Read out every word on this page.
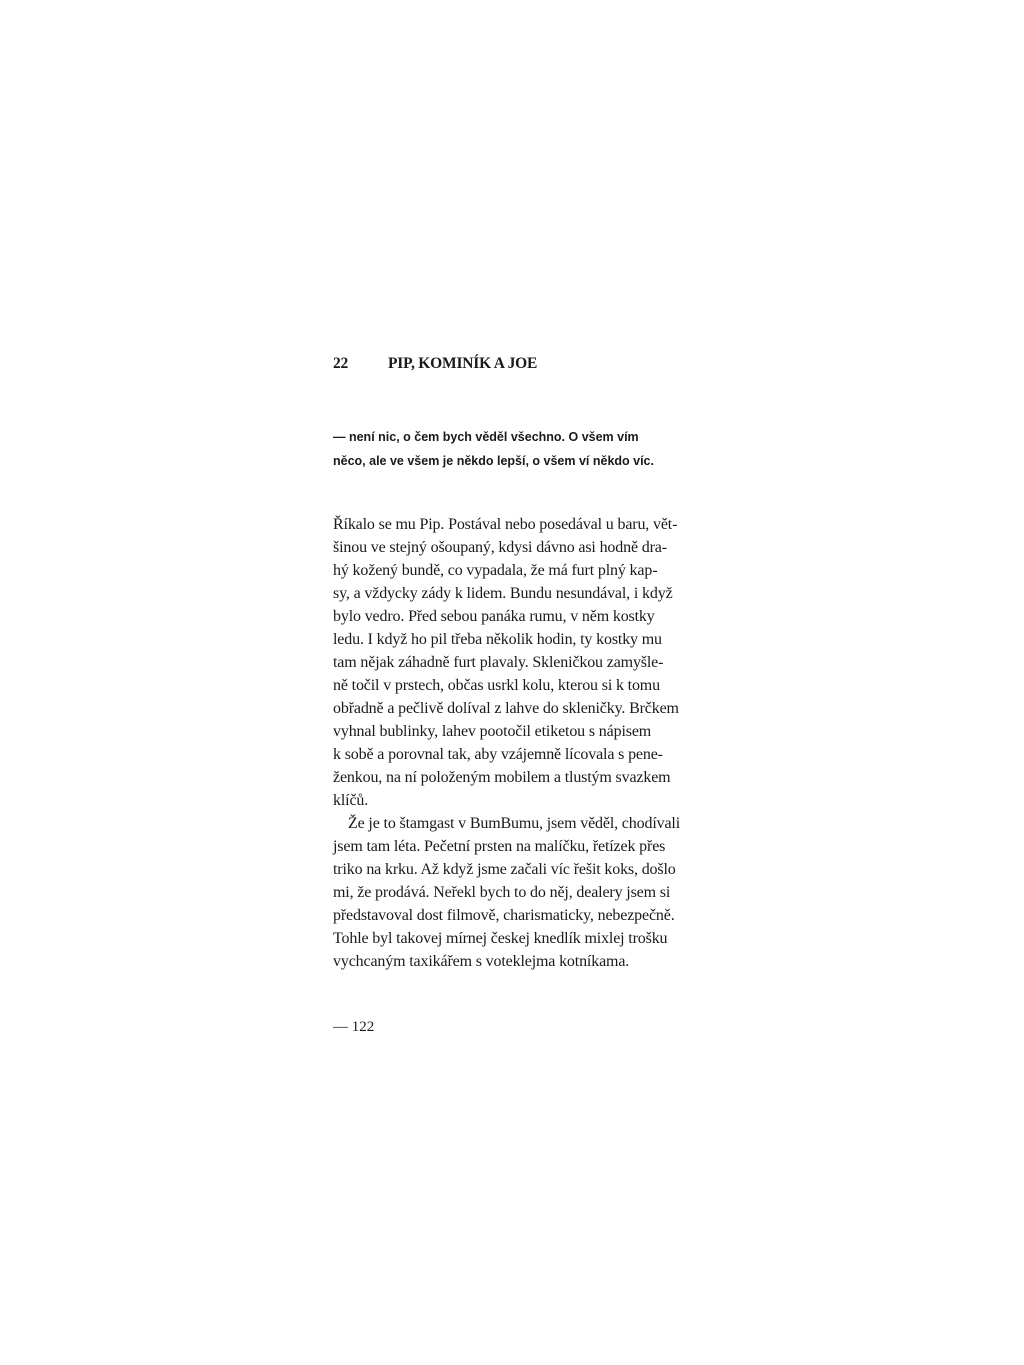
22	PIP, KOMINÍK A JOE
— není nic, o čem bych věděl všechno. O všem vím
něco, ale ve všem je někdo lepší, o všem ví někdo víc.
Říkalo se mu Pip. Postával nebo posedával u baru, vět-
šinou ve stejný ošoupaný, kdysi dávno asi hodně dra-
hý kožený bundě, co vypadala, že má furt plný kap-
sy, a vždycky zády k lidem. Bundu nesundával, i když
bylo vedro. Před sebou panáka rumu, v něm kostky
ledu. I když ho pil třeba několik hodin, ty kostky mu
tam nějak záhadně furt plavaly. Skleničkou zamyšle-
ně točil v prstech, občas usrkl kolu, kterou si k tomu
obřadně a pečlivě dolíval z lahve do skleničky. Brčkem
vyhnal bublinky, lahev pootočil etiketou s nápisem
k sobě a porovnal tak, aby vzájemně lícovala s pene-
ženkou, na ní položeným mobilem a tlustým svazkem
klíčů.
Že je to štamgast v BumBumu, jsem věděl, chodívali
jsem tam léta. Pečetní prsten na malíčku, řetízek přes
triko na krku. Až když jsme začali víc řešit koks, došlo
mi, že prodává. Neřekl bych to do něj, dealery jsem si
představoval dost filmově, charismaticky, nebezpečně.
Tohle byl takovej mírnej českej knedlík mixlej trošku
vychcaným taxikářem s voteklejma kotníkama.
— 122
